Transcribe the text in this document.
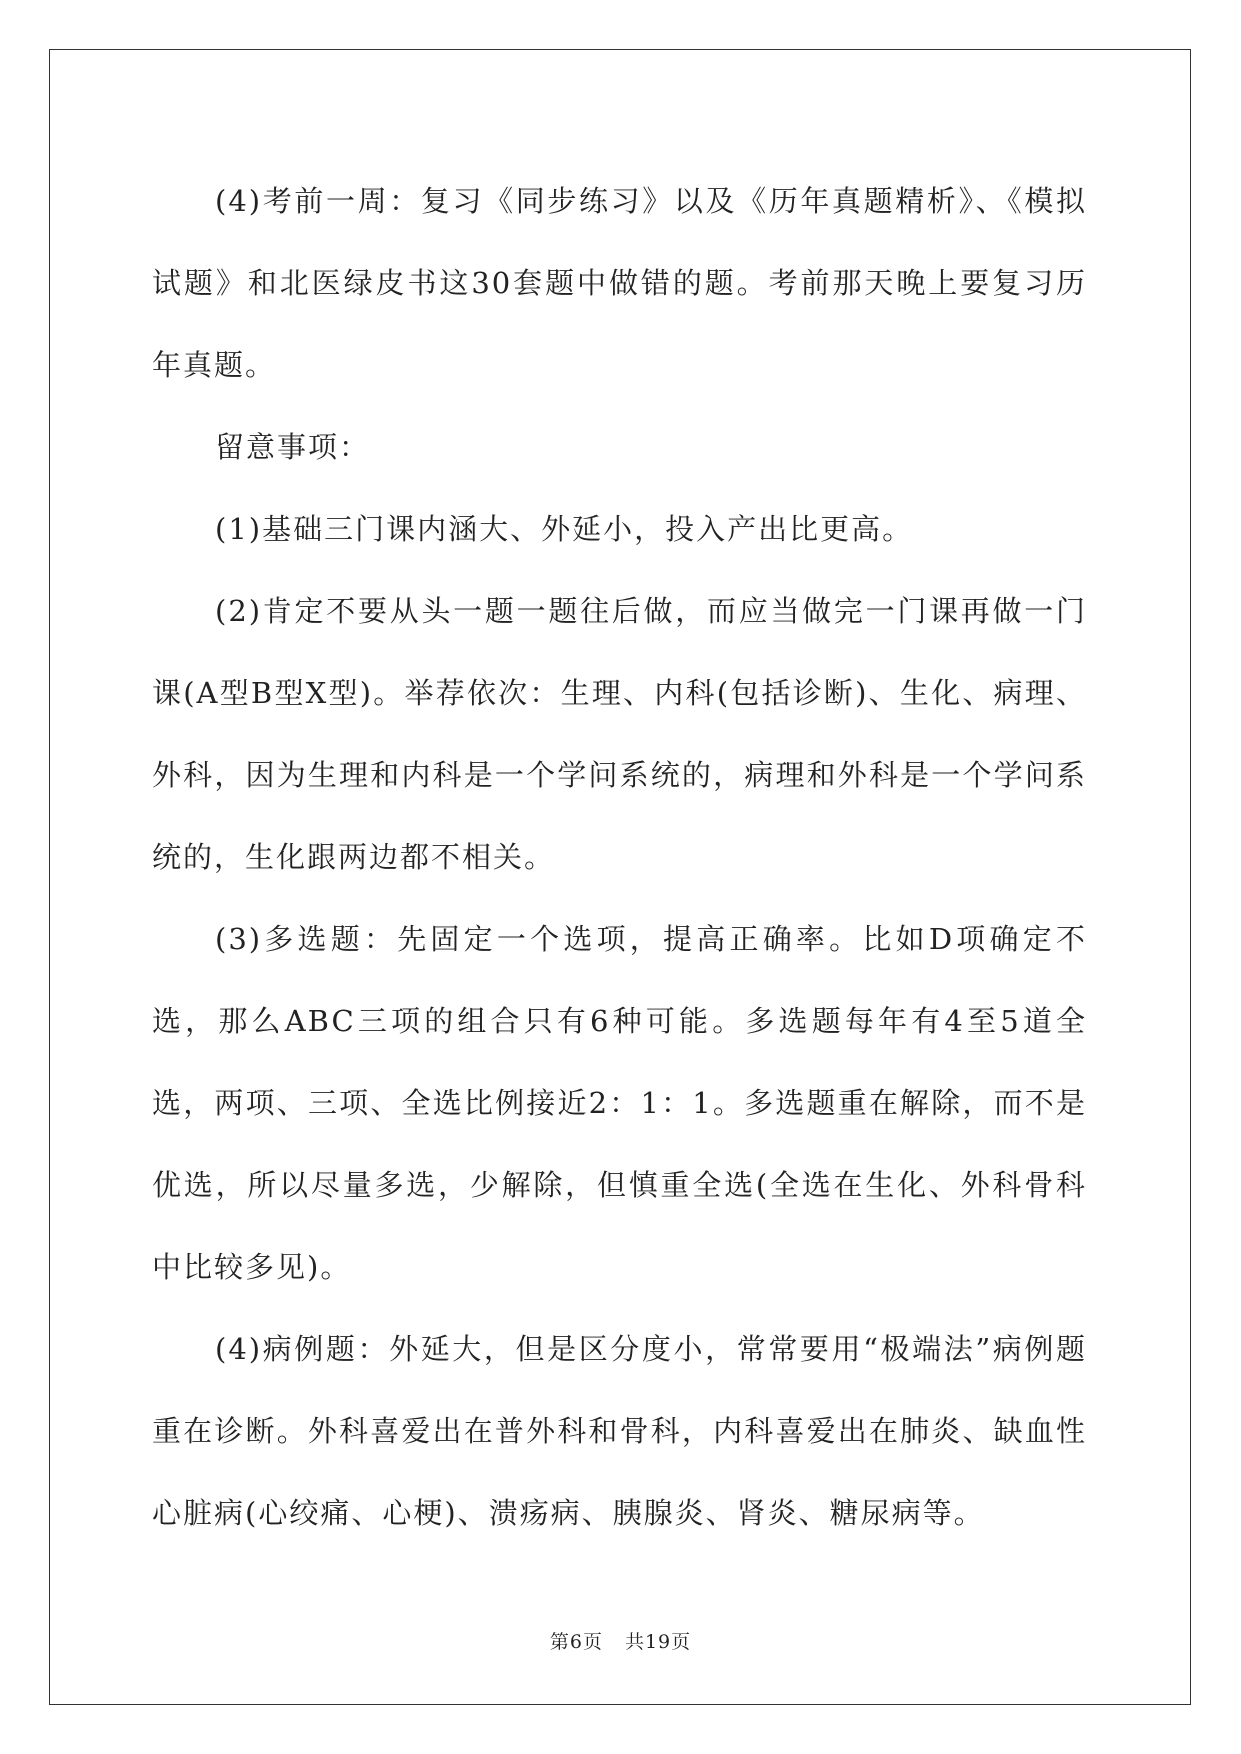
(4)考前一周：复习《同步练习》以及《历年真题精析》、《模拟试题》和北医绿皮书这30套题中做错的题。考前那天晚上要复习历年真题。

留意事项：

(1)基础三门课内涵大、外延小，投入产出比更高。

(2)肯定不要从头一题一题往后做，而应当做完一门课再做一门课(A型B型X型)。举荐依次：生理、内科(包括诊断)、生化、病理、外科，因为生理和内科是一个学问系统的，病理和外科是一个学问系统的，生化跟两边都不相关。

(3)多选题：先固定一个选项，提高正确率。比如D项确定不选，那么ABC三项的组合只有6种可能。多选题每年有4至5道全选，两项、三项、全选比例接近2：1：1。多选题重在解除，而不是优选，所以尽量多选，少解除，但慎重全选(全选在生化、外科骨科中比较多见)。

(4)病例题：外延大，但是区分度小，常常要用“极端法”病例题重在诊断。外科喜爱出在普外科和骨科，内科喜爱出在肺炎、缺血性心脏病(心绞痛、心梗)、溃疡病、胰腺炎、肾炎、糖尿病等。

第6页 共19页
